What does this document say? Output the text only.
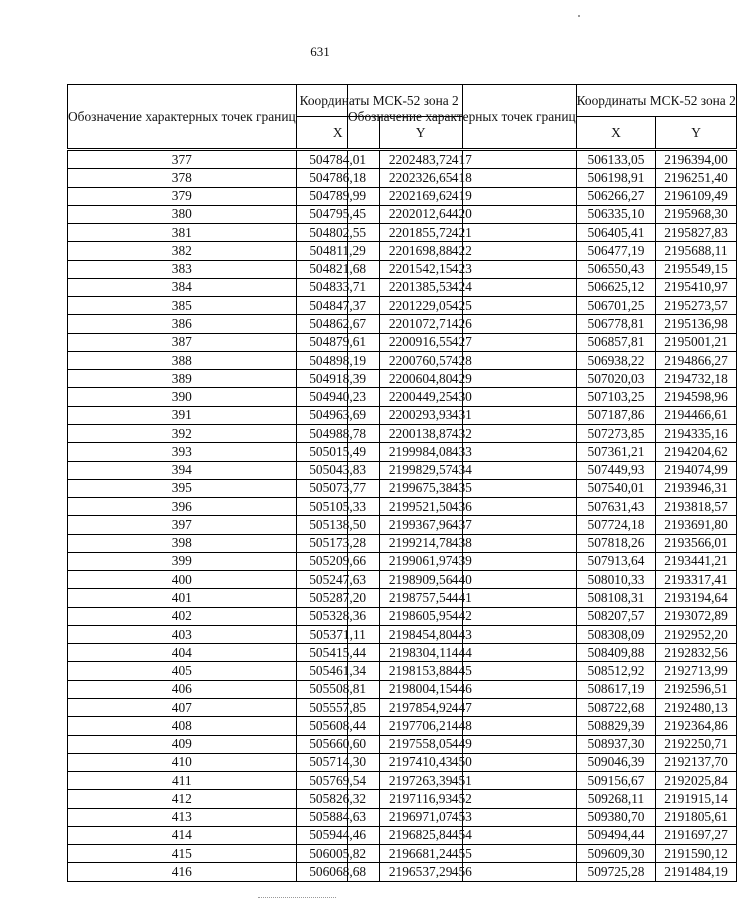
631
Обозначение характерных точек границ	Координаты МСК-52 зона 2	
	X	Y
377	504784,01	2202483,72
378	504786,18	2202326,65
379	504789,99	2202169,62
380	504795,45	2202012,64
381	504802,55	2201855,72
382	504811,29	2201698,88
383	504821,68	2201542,15
384	504833,71	2201385,53
385	504847,37	2201229,05
386	504862,67	2201072,71
387	504879,61	2200916,55
388	504898,19	2200760,57
389	504918,39	2200604,80
390	504940,23	2200449,25
391	504963,69	2200293,93
392	504988,78	2200138,87
393	505015,49	2199984,08
394	505043,83	2199829,57
395	505073,77	2199675,38
396	505105,33	2199521,50
397	505138,50	2199367,96
398	505173,28	2199214,78
399	505209,66	2199061,97
400	505247,63	2198909,56
401	505287,20	2198757,54
402	505328,36	2198605,95
403	505371,11	2198454,80
404	505415,44	2198304,11
405	505461,34	2198153,88
406	505508,81	2198004,15
407	505557,85	2197854,92
408	505608,44	2197706,21
409	505660,60	2197558,05
410	505714,30	2197410,43
411	505769,54	2197263,39
412	505826,32	2197116,93
413	505884,63	2196971,07
414	505944,46	2196825,84
415	506005,82	2196681,24
416	506068,68	2196537,29
Обозначение характерных точек границ	Координаты МСК-52 зона 2	
	X	Y
417	506133,05	2196394,00
418	506198,91	2196251,40
419	506266,27	2196109,49
420	506335,10	2195968,30
421	506405,41	2195827,83
422	506477,19	2195688,11
423	506550,43	2195549,15
424	506625,12	2195410,97
425	506701,25	2195273,57
426	506778,81	2195136,98
427	506857,81	2195001,21
428	506938,22	2194866,27
429	507020,03	2194732,18
430	507103,25	2194598,96
431	507187,86	2194466,61
432	507273,85	2194335,16
433	507361,21	2194204,62
434	507449,93	2194074,99
435	507540,01	2193946,31
436	507631,43	2193818,57
437	507724,18	2193691,80
438	507818,26	2193566,01
439	507913,64	2193441,21
440	508010,33	2193317,41
441	508108,31	2193194,64
442	508207,57	2193072,89
443	508308,09	2192952,20
444	508409,88	2192832,56
445	508512,92	2192713,99
446	508617,19	2192596,51
447	508722,68	2192480,13
448	508829,39	2192364,86
449	508937,30	2192250,71
450	509046,39	2192137,70
451	509156,67	2192025,84
452	509268,11	2191915,14
453	509380,70	2191805,61
454	509494,44	2191697,27
455	509609,30	2191590,12
456	509725,28	2191484,19
